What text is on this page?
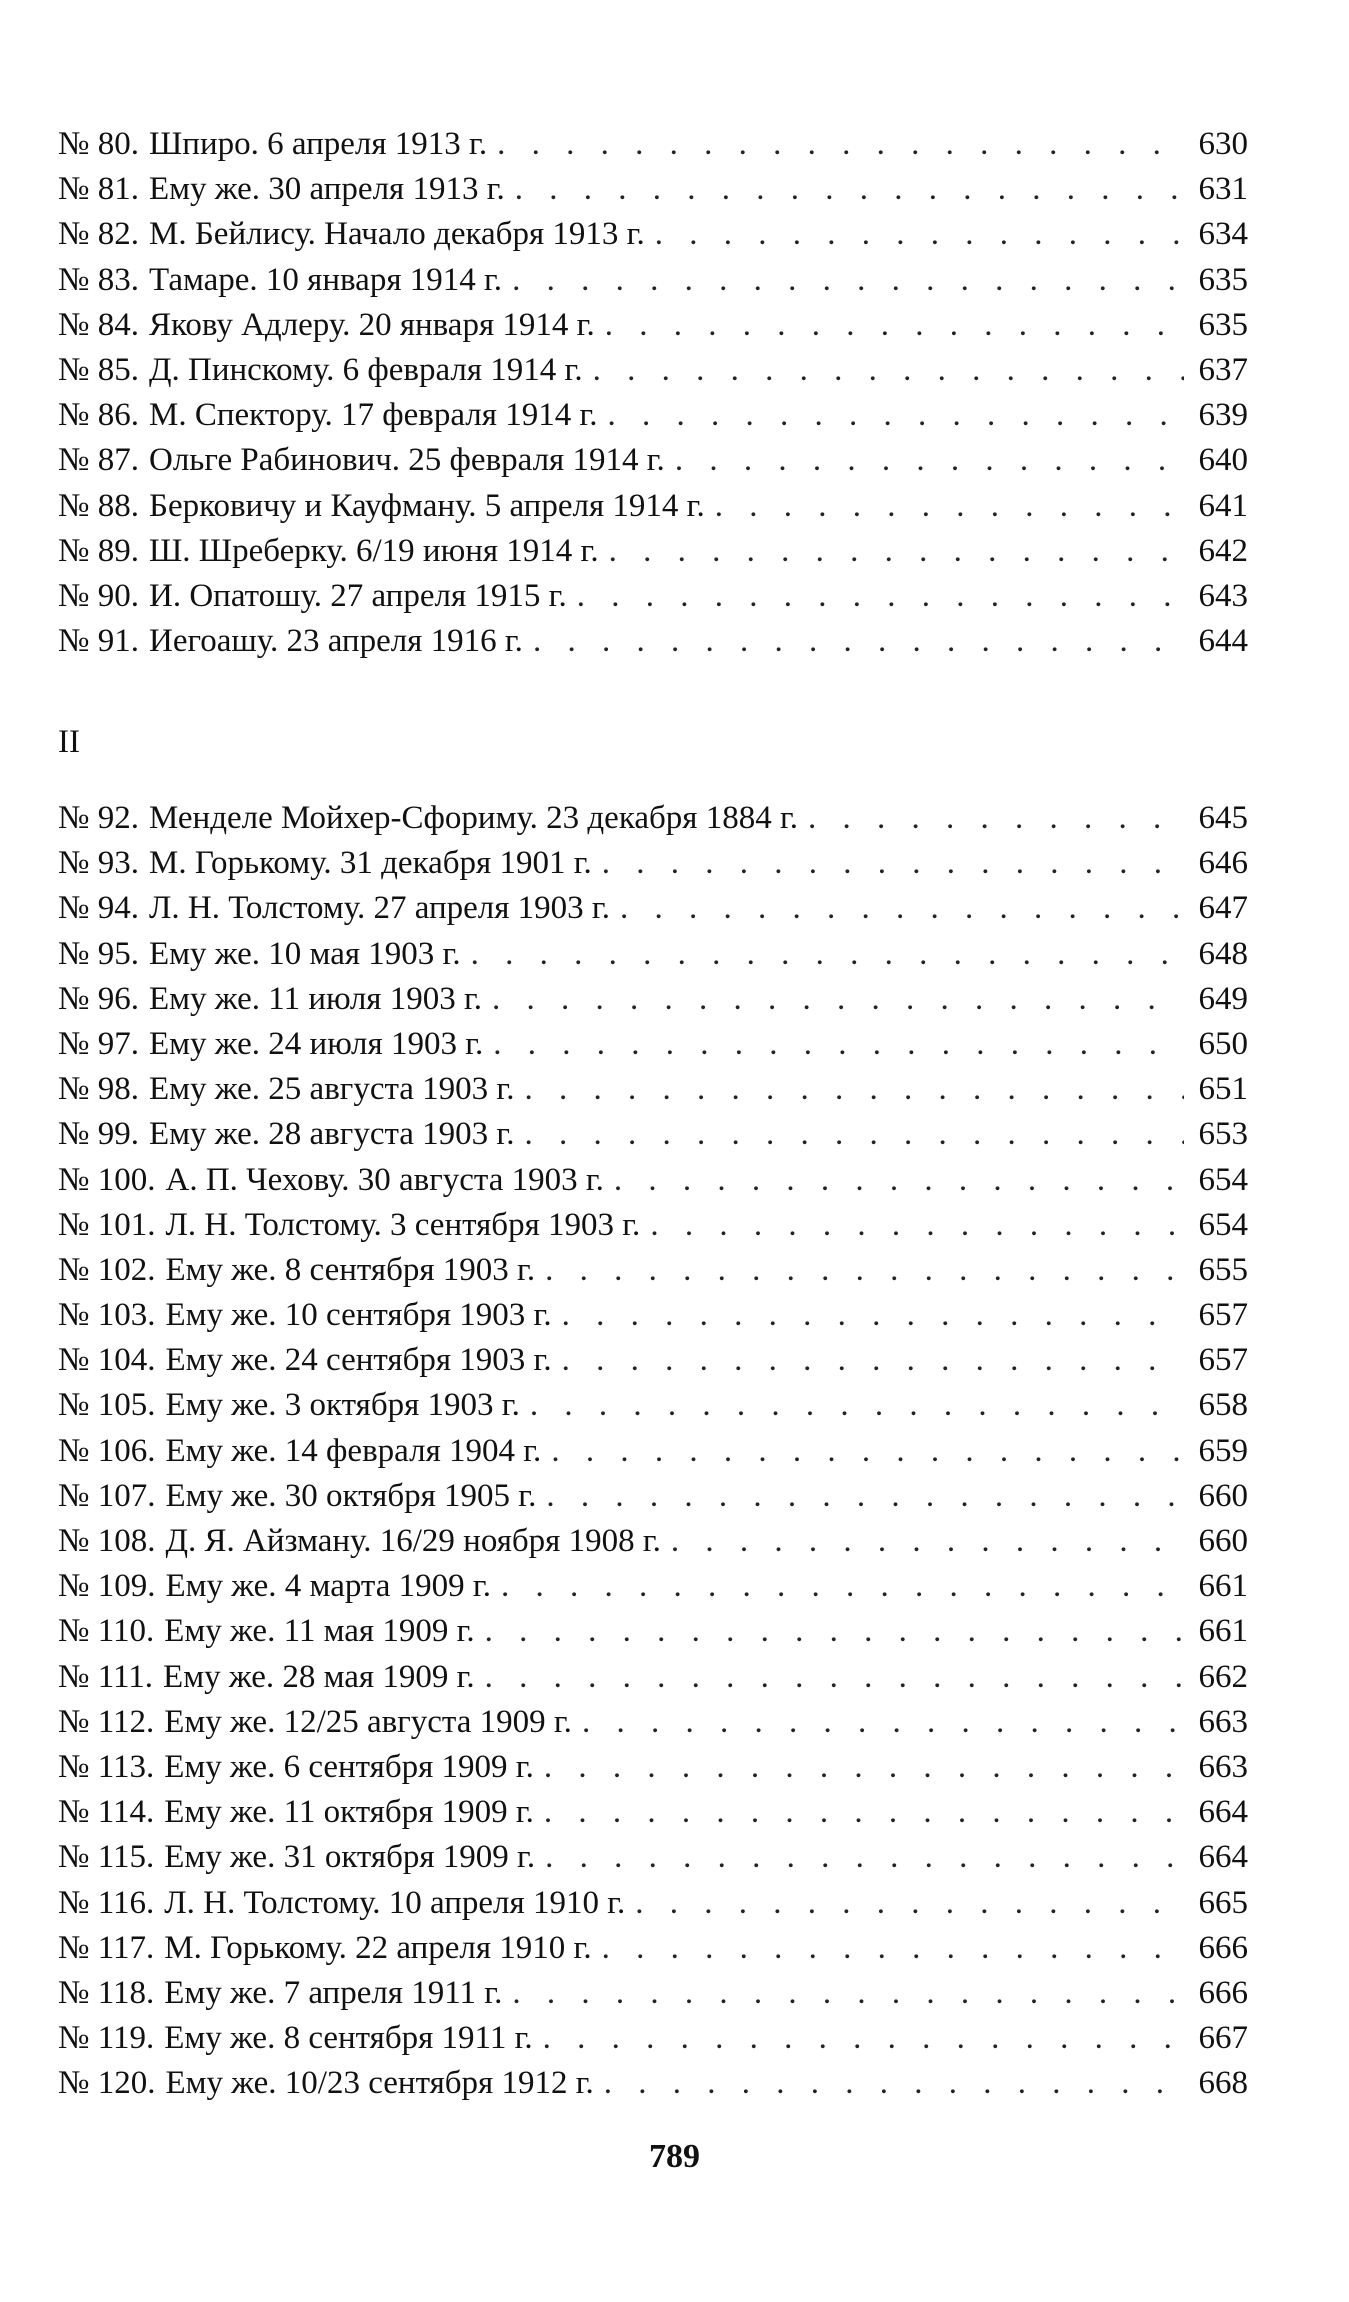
№ 80. Шпиро. 6 апреля 1913 г. . . .	630
№ 81. Ему же. 30 апреля 1913 г. . . .	631
№ 82. М. Бейлису. Начало декабря 1913 г. . . .	634
№ 83. Тамаре. 10 января 1914 г. . . .	635
№ 84. Якову Адлеру. 20 января 1914 г. . . .	635
№ 85. Д. Пинскому. 6 февраля 1914 г. . . .	637
№ 86. М. Спектору. 17 февраля 1914 г. . . .	639
№ 87. Ольге Рабинович. 25 февраля 1914 г. . . .	640
№ 88. Берковичу и Кауфману. 5 апреля 1914 г. . . .	641
№ 89. Ш. Шреберку. 6/19 июня 1914 г. . . .	642
№ 90. И. Опатошу. 27 апреля 1915 г. . . .	643
№ 91. Иегоашу. 23 апреля 1916 г. . . .	644
II
№ 92. Менделе Мойхер-Сфориму. 23 декабря 1884 г. . . .	645
№ 93. М. Горькому. 31 декабря 1901 г. . . .	646
№ 94. Л. Н. Толстому. 27 апреля 1903 г. . . .	647
№ 95. Ему же. 10 мая 1903 г. . . .	648
№ 96. Ему же. 11 июля 1903 г. . . .	649
№ 97. Ему же. 24 июля 1903 г. . . .	650
№ 98. Ему же. 25 августа 1903 г. . . .	651
№ 99. Ему же. 28 августа 1903 г. . . .	653
№ 100. А. П. Чехову. 30 августа 1903 г. . . .	654
№ 101. Л. Н. Толстому. 3 сентября 1903 г. . . .	654
№ 102. Ему же. 8 сентября 1903 г. . . .	655
№ 103. Ему же. 10 сентября 1903 г. . . .	657
№ 104. Ему же. 24 сентября 1903 г. . . .	657
№ 105. Ему же. 3 октября 1903 г. . . .	658
№ 106. Ему же. 14 февраля 1904 г. . . .	659
№ 107. Ему же. 30 октября 1905 г. . . .	660
№ 108. Д. Я. Айзману. 16/29 ноября 1908 г. . . .	660
№ 109. Ему же. 4 марта 1909 г. . . .	661
№ 110. Ему же. 11 мая 1909 г. . . .	661
№ 111. Ему же. 28 мая 1909 г. . . .	662
№ 112. Ему же. 12/25 августа 1909 г. . . .	663
№ 113. Ему же. 6 сентября 1909 г. . . .	663
№ 114. Ему же. 11 октября 1909 г. . . .	664
№ 115. Ему же. 31 октября 1909 г. . . .	664
№ 116. Л. Н. Толстому. 10 апреля 1910 г. . . .	665
№ 117. М. Горькому. 22 апреля 1910 г. . . .	666
№ 118. Ему же. 7 апреля 1911 г. . . .	666
№ 119. Ему же. 8 сентября 1911 г. . . .	667
№ 120. Ему же. 10/23 сентября 1912 г. . . .	668
789
